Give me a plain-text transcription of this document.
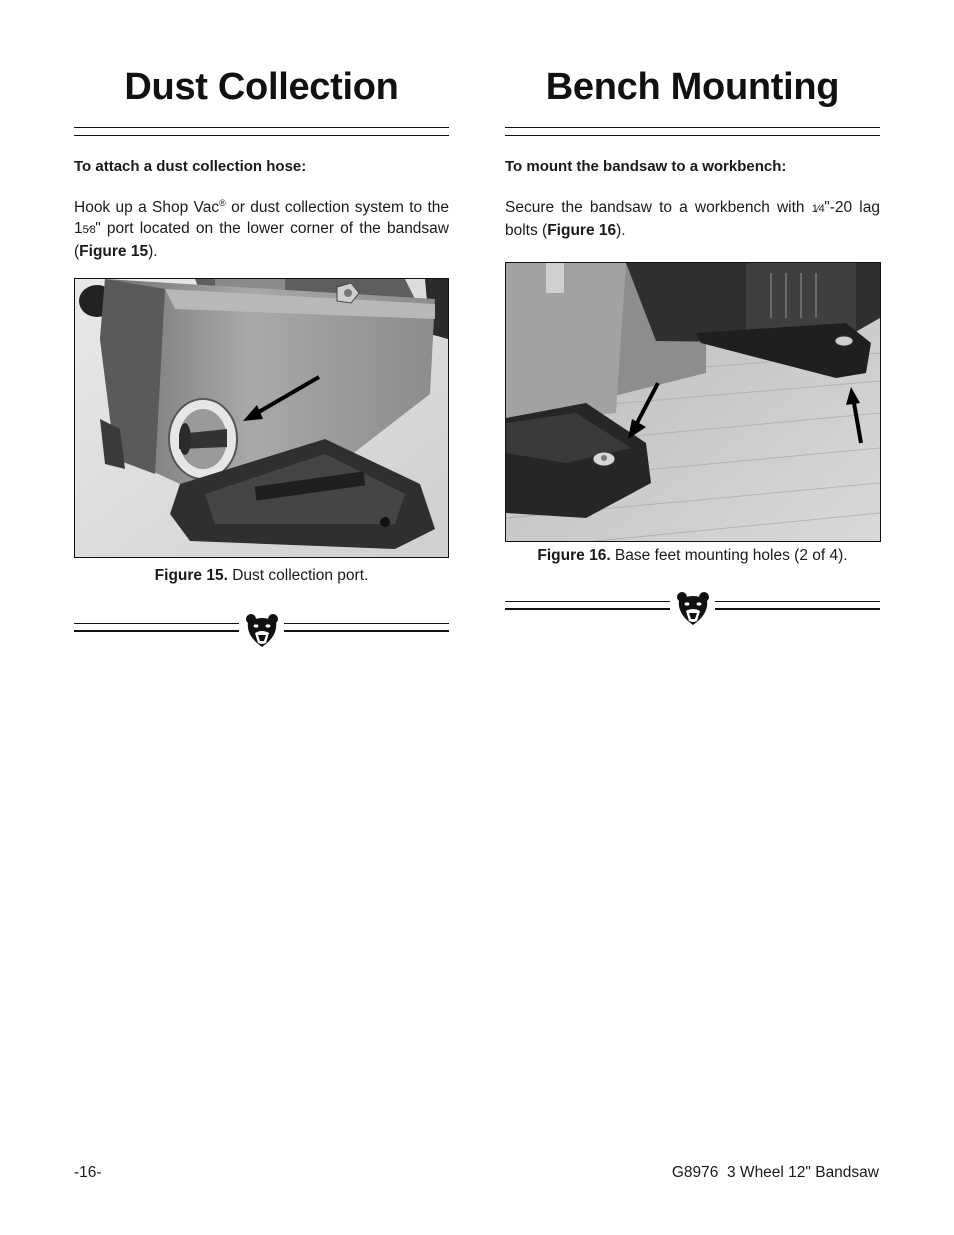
Dust Collection
To attach a dust collection hose:
Hook up a Shop Vac® or dust collection system to the 15⁄8" port located on the lower corner of the bandsaw (Figure 15).
Figure 15. Dust collection port.
Bench Mounting
To mount the bandsaw to a workbench:
Secure the bandsaw to a workbench with 1⁄4"-20 lag bolts (Figure 16).
Figure 16. Base feet mounting holes (2 of 4).
-16-	G8976  3 Wheel 12" Bandsaw
